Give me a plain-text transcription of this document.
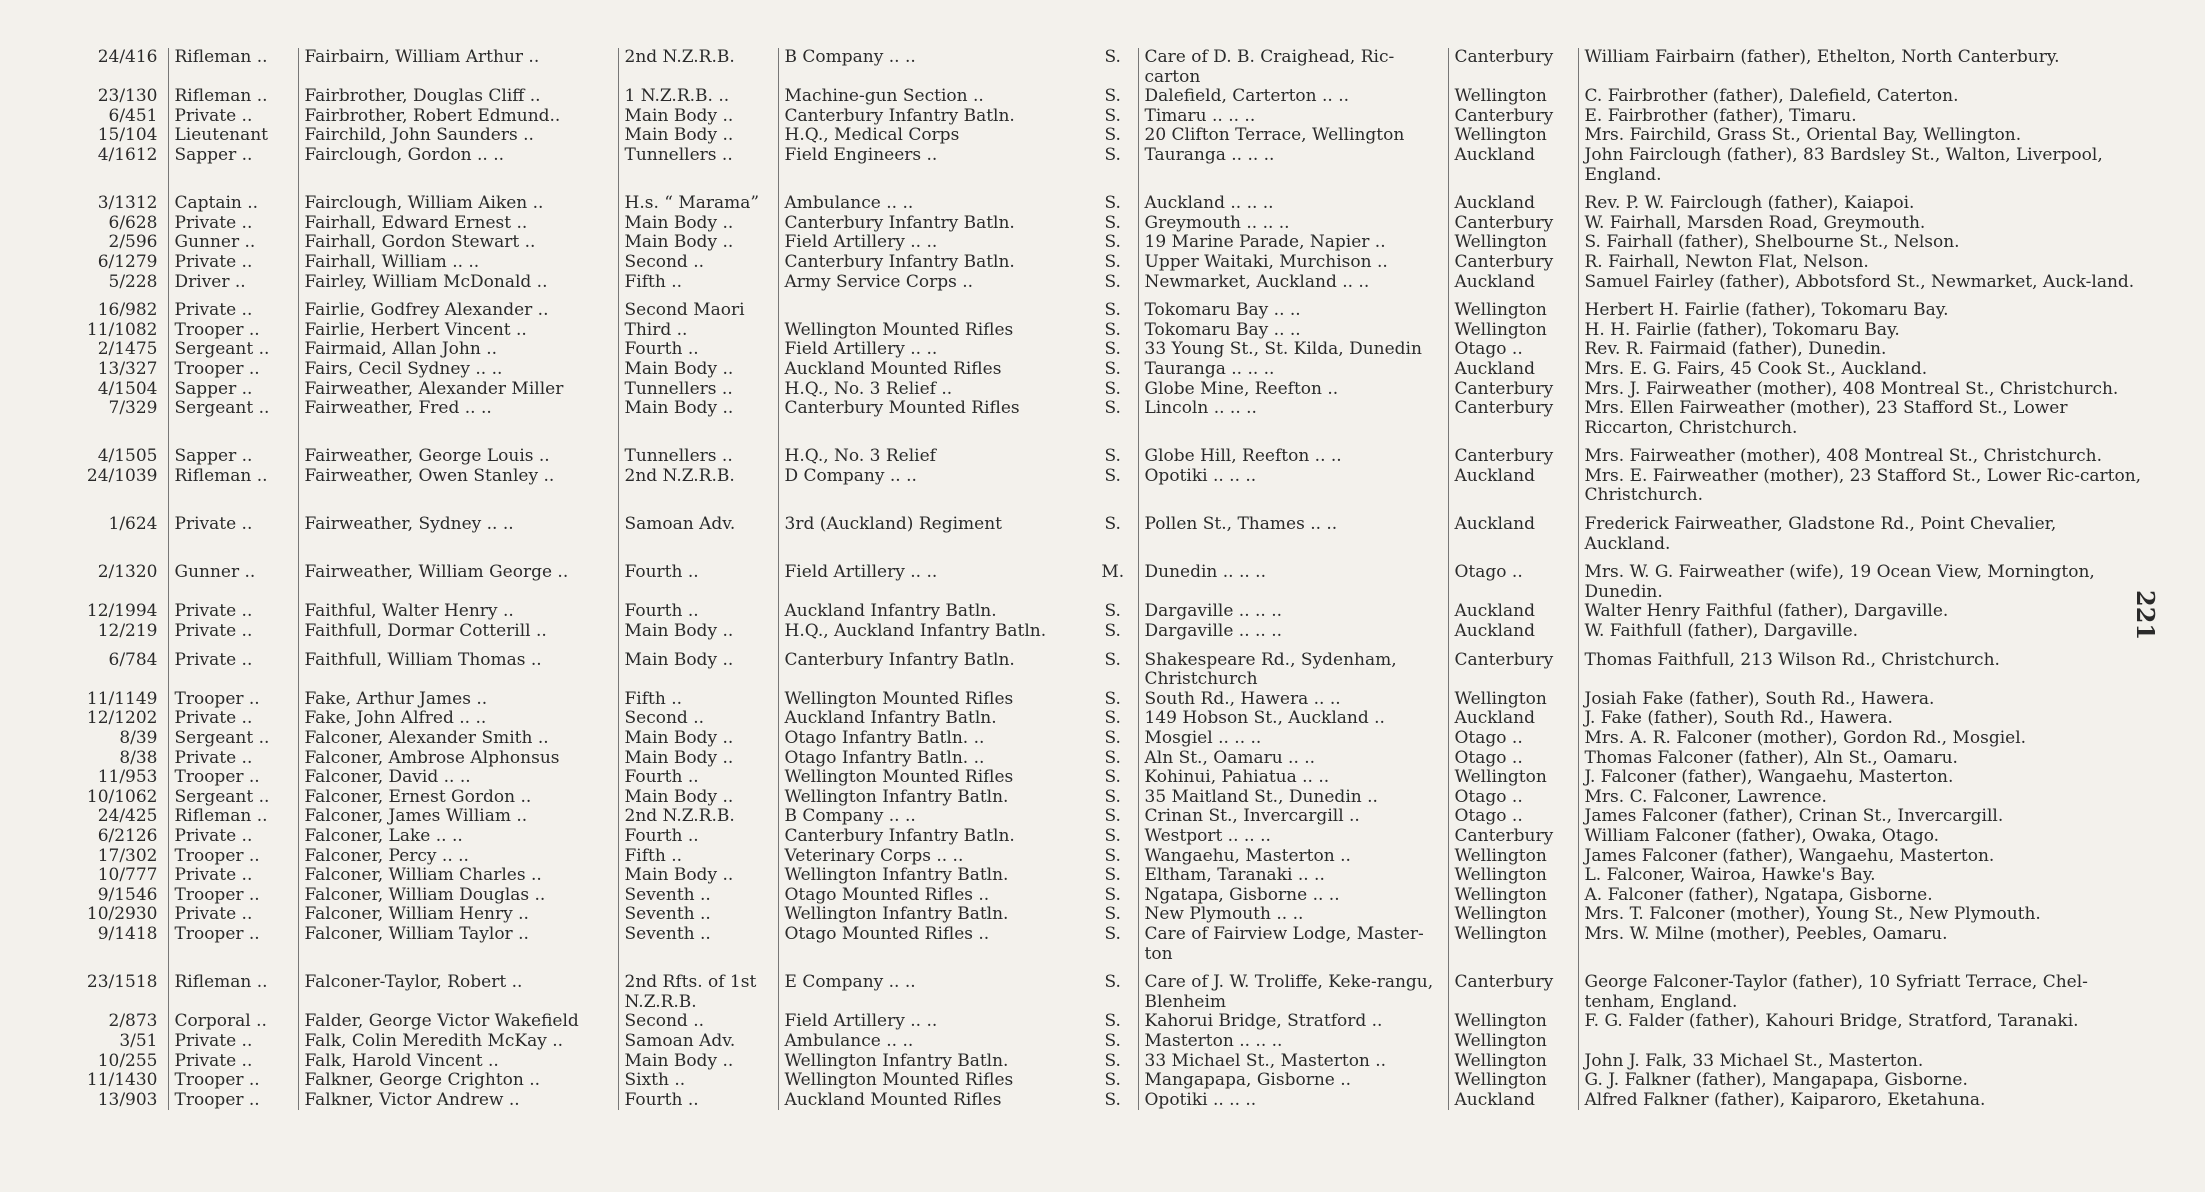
24/416	Rifleman ..	Fairbairn, William Arthur ..	2nd N.Z.R.B.	B Company .. ..	S.	Care of D. B. Craighead, Ric-carton	Canterbury	William Fairbairn (father), Ethelton, North Canterbury.
23/130	Rifleman ..	Fairbrother, Douglas Cliff ..	1 N.Z.R.B. ..	Machine-gun Section ..	S.	Dalefield, Carterton .. ..	Wellington	C. Fairbrother (father), Dalefield, Caterton.
6/451	Private ..	Fairbrother, Robert Edmund..	Main Body ..	Canterbury Infantry Batln.	S.	Timaru .. .. ..	Canterbury	E. Fairbrother (father), Timaru.
15/104	Lieutenant	Fairchild, John Saunders ..	Main Body ..	H.Q., Medical Corps	S.	20 Clifton Terrace, Wellington	Wellington	Mrs. Fairchild, Grass St., Oriental Bay, Wellington.
4/1612	Sapper ..	Fairclough, Gordon .. ..	Tunnellers ..	Field Engineers ..	S.	Tauranga .. .. ..	Auckland	John Fairclough (father), 83 Bardsley St., Walton, Liverpool, England.
3/1312	Captain ..	Fairclough, William Aiken ..	H.s. “ Marama”	Ambulance .. ..	S.	Auckland .. .. ..	Auckland	Rev. P. W. Fairclough (father), Kaiapoi.
6/628	Private ..	Fairhall, Edward Ernest ..	Main Body ..	Canterbury Infantry Batln.	S.	Greymouth .. .. ..	Canterbury	W. Fairhall, Marsden Road, Greymouth.
2/596	Gunner ..	Fairhall, Gordon Stewart ..	Main Body ..	Field Artillery .. ..	S.	19 Marine Parade, Napier ..	Wellington	S. Fairhall (father), Shelbourne St., Nelson.
6/1279	Private ..	Fairhall, William .. ..	Second ..	Canterbury Infantry Batln.	S.	Upper Waitaki, Murchison ..	Canterbury	R. Fairhall, Newton Flat, Nelson.
5/228	Driver ..	Fairley, William McDonald ..	Fifth ..	Army Service Corps ..	S.	Newmarket, Auckland .. ..	Auckland	Samuel Fairley (father), Abbotsford St., Newmarket, Auck-land.
16/982	Private ..	Fairlie, Godfrey Alexander ..	Second Maori		S.	Tokomaru Bay .. ..	Wellington	Herbert H. Fairlie (father), Tokomaru Bay.
11/1082	Trooper ..	Fairlie, Herbert Vincent ..	Third ..	Wellington Mounted Rifles	S.	Tokomaru Bay .. ..	Wellington	H. H. Fairlie (father), Tokomaru Bay.
2/1475	Sergeant ..	Fairmaid, Allan John ..	Fourth ..	Field Artillery .. ..	S.	33 Young St., St. Kilda, Dunedin	Otago ..	Rev. R. Fairmaid (father), Dunedin.
13/327	Trooper ..	Fairs, Cecil Sydney .. ..	Main Body ..	Auckland Mounted Rifles	S.	Tauranga .. .. ..	Auckland	Mrs. E. G. Fairs, 45 Cook St., Auckland.
4/1504	Sapper ..	Fairweather, Alexander Miller	Tunnellers ..	H.Q., No. 3 Relief ..	S.	Globe Mine, Reefton ..	Canterbury	Mrs. J. Fairweather (mother), 408 Montreal St., Christchurch.
7/329	Sergeant ..	Fairweather, Fred .. ..	Main Body ..	Canterbury Mounted Rifles	S.	Lincoln .. .. ..	Canterbury	Mrs. Ellen Fairweather (mother), 23 Stafford St., Lower Riccarton, Christchurch.
4/1505	Sapper ..	Fairweather, George Louis ..	Tunnellers ..	H.Q., No. 3 Relief	S.	Globe Hill, Reefton .. ..	Canterbury	Mrs. Fairweather (mother), 408 Montreal St., Christchurch.
24/1039	Rifleman ..	Fairweather, Owen Stanley ..	2nd N.Z.R.B.	D Company .. ..	S.	Opotiki .. .. ..	Auckland	Mrs. E. Fairweather (mother), 23 Stafford St., Lower Ric-carton, Christchurch.
1/624	Private ..	Fairweather, Sydney .. ..	Samoan Adv.	3rd (Auckland) Regiment	S.	Pollen St., Thames .. ..	Auckland	Frederick Fairweather, Gladstone Rd., Point Chevalier, Auckland.
2/1320	Gunner ..	Fairweather, William George ..	Fourth ..	Field Artillery .. ..	M.	Dunedin .. .. ..	Otago ..	Mrs. W. G. Fairweather (wife), 19 Ocean View, Mornington, Dunedin.
12/1994	Private ..	Faithful, Walter Henry ..	Fourth ..	Auckland Infantry Batln.	S.	Dargaville .. .. ..	Auckland	Walter Henry Faithful (father), Dargaville.
12/219	Private ..	Faithfull, Dormar Cotterill ..	Main Body ..	H.Q., Auckland Infantry Batln.	S.	Dargaville .. .. ..	Auckland	W. Faithfull (father), Dargaville.
6/784	Private ..	Faithfull, William Thomas ..	Main Body ..	Canterbury Infantry Batln.	S.	Shakespeare Rd., Sydenham, Christchurch	Canterbury	Thomas Faithfull, 213 Wilson Rd., Christchurch.
11/1149	Trooper ..	Fake, Arthur James ..	Fifth ..	Wellington Mounted Rifles	S.	South Rd., Hawera .. ..	Wellington	Josiah Fake (father), South Rd., Hawera.
12/1202	Private ..	Fake, John Alfred .. ..	Second ..	Auckland Infantry Batln.	S.	149 Hobson St., Auckland ..	Auckland	J. Fake (father), South Rd., Hawera.
8/39	Sergeant ..	Falconer, Alexander Smith ..	Main Body ..	Otago Infantry Batln. ..	S.	Mosgiel .. .. ..	Otago ..	Mrs. A. R. Falconer (mother), Gordon Rd., Mosgiel.
8/38	Private ..	Falconer, Ambrose Alphonsus	Main Body ..	Otago Infantry Batln. ..	S.	Aln St., Oamaru .. ..	Otago ..	Thomas Falconer (father), Aln St., Oamaru.
11/953	Trooper ..	Falconer, David .. ..	Fourth ..	Wellington Mounted Rifles	S.	Kohinui, Pahiatua .. ..	Wellington	J. Falconer (father), Wangaehu, Masterton.
10/1062	Sergeant ..	Falconer, Ernest Gordon ..	Main Body ..	Wellington Infantry Batln.	S.	35 Maitland St., Dunedin ..	Otago ..	Mrs. C. Falconer, Lawrence.
24/425	Rifleman ..	Falconer, James William ..	2nd N.Z.R.B.	B Company .. ..	S.	Crinan St., Invercargill ..	Otago ..	James Falconer (father), Crinan St., Invercargill.
6/2126	Private ..	Falconer, Lake .. ..	Fourth ..	Canterbury Infantry Batln.	S.	Westport .. .. ..	Canterbury	William Falconer (father), Owaka, Otago.
17/302	Trooper ..	Falconer, Percy .. ..	Fifth ..	Veterinary Corps .. ..	S.	Wangaehu, Masterton ..	Wellington	James Falconer (father), Wangaehu, Masterton.
10/777	Private ..	Falconer, William Charles ..	Main Body ..	Wellington Infantry Batln.	S.	Eltham, Taranaki .. ..	Wellington	L. Falconer, Wairoa, Hawke's Bay.
9/1546	Trooper ..	Falconer, William Douglas ..	Seventh ..	Otago Mounted Rifles ..	S.	Ngatapa, Gisborne .. ..	Wellington	A. Falconer (father), Ngatapa, Gisborne.
10/2930	Private ..	Falconer, William Henry ..	Seventh ..	Wellington Infantry Batln.	S.	New Plymouth .. ..	Wellington	Mrs. T. Falconer (mother), Young St., New Plymouth.
9/1418	Trooper ..	Falconer, William Taylor ..	Seventh ..	Otago Mounted Rifles ..	S.	Care of Fairview Lodge, Master-ton	Wellington	Mrs. W. Milne (mother), Peebles, Oamaru.
23/1518	Rifleman ..	Falconer-Taylor, Robert ..	2nd Rfts. of 1st N.Z.R.B.	E Company .. ..	S.	Care of J. W. Troliffe, Keke-rangu, Blenheim	Canterbury	George Falconer-Taylor (father), 10 Syfriatt Terrace, Chel-tenham, England.
2/873	Corporal ..	Falder, George Victor Wakefield	Second ..	Field Artillery .. ..	S.	Kahorui Bridge, Stratford ..	Wellington	F. G. Falder (father), Kahouri Bridge, Stratford, Taranaki.
3/51	Private ..	Falk, Colin Meredith McKay ..	Samoan Adv.	Ambulance .. ..	S.	Masterton .. .. ..	Wellington	
10/255	Private ..	Falk, Harold Vincent ..	Main Body ..	Wellington Infantry Batln.	S.	33 Michael St., Masterton ..	Wellington	John J. Falk, 33 Michael St., Masterton.
11/1430	Trooper ..	Falkner, George Crighton ..	Sixth ..	Wellington Mounted Rifles	S.	Mangapapa, Gisborne ..	Wellington	G. J. Falkner (father), Mangapapa, Gisborne.
13/903	Trooper ..	Falkner, Victor Andrew ..	Fourth ..	Auckland Mounted Rifles	S.	Opotiki .. .. ..	Auckland	Alfred Falkner (father), Kaiparoro, Eketahuna.
221
